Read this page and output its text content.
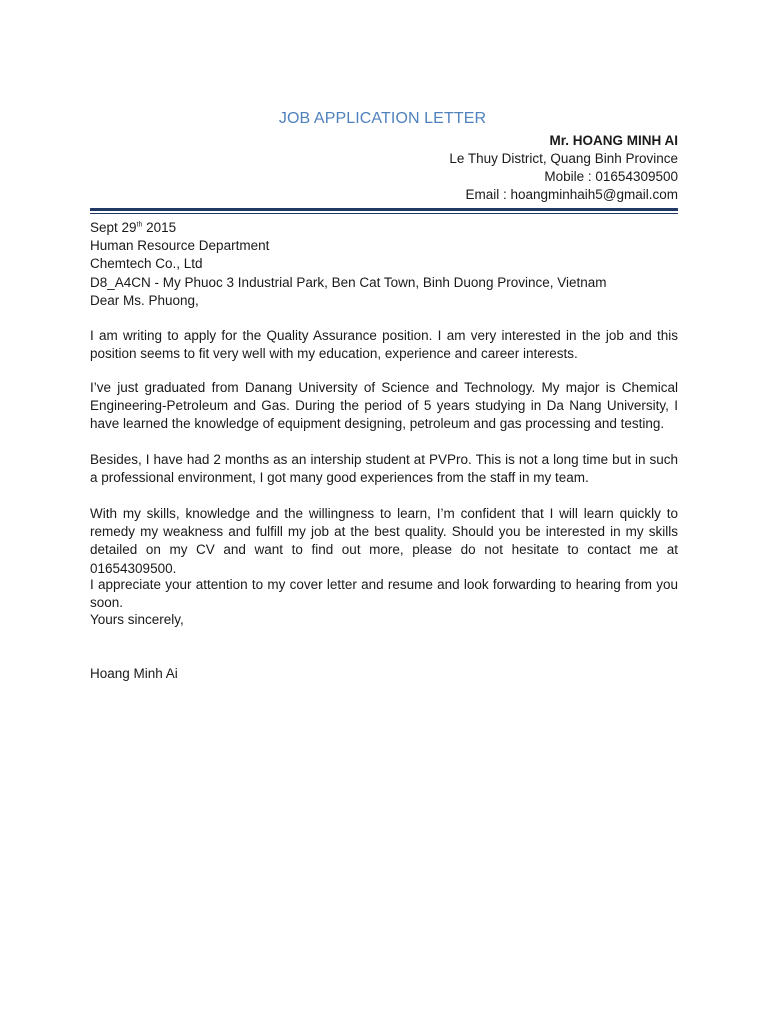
JOB APPLICATION LETTER
Mr. HOANG MINH AI
Le Thuy District, Quang Binh Province
Mobile : 01654309500
Email : hoangminhaih5@gmail.com
Sept 29th 2015
Human Resource Department
Chemtech Co., Ltd
D8_A4CN - My Phuoc 3 Industrial Park, Ben Cat Town, Binh Duong Province, Vietnam
Dear Ms. Phuong,

I am writing to apply for the Quality Assurance position. I am very interested in the job and this position seems to fit very well with my education, experience and career interests.

I’ve just graduated from Danang University of Science and Technology. My major is Chemical Engineering-Petroleum and Gas. During the period of 5 years studying in Da Nang University, I have learned the knowledge of equipment designing, petroleum and gas processing and testing.

Besides, I have had 2 months as an intership student at PVPro. This is not a long time but in such a professional environment, I got many good experiences from the staff in my team.

With my skills, knowledge and the willingness to learn, I’m confident that I will learn quickly to remedy my weakness and fulfill my job at the best quality. Should you be interested in my skills detailed on my CV and want to find out more, please do not hesitate to contact me at 01654309500.

I appreciate your attention to my cover letter and resume and look forwarding to hearing from you soon.

Yours sincerely,
Hoang Minh Ai
